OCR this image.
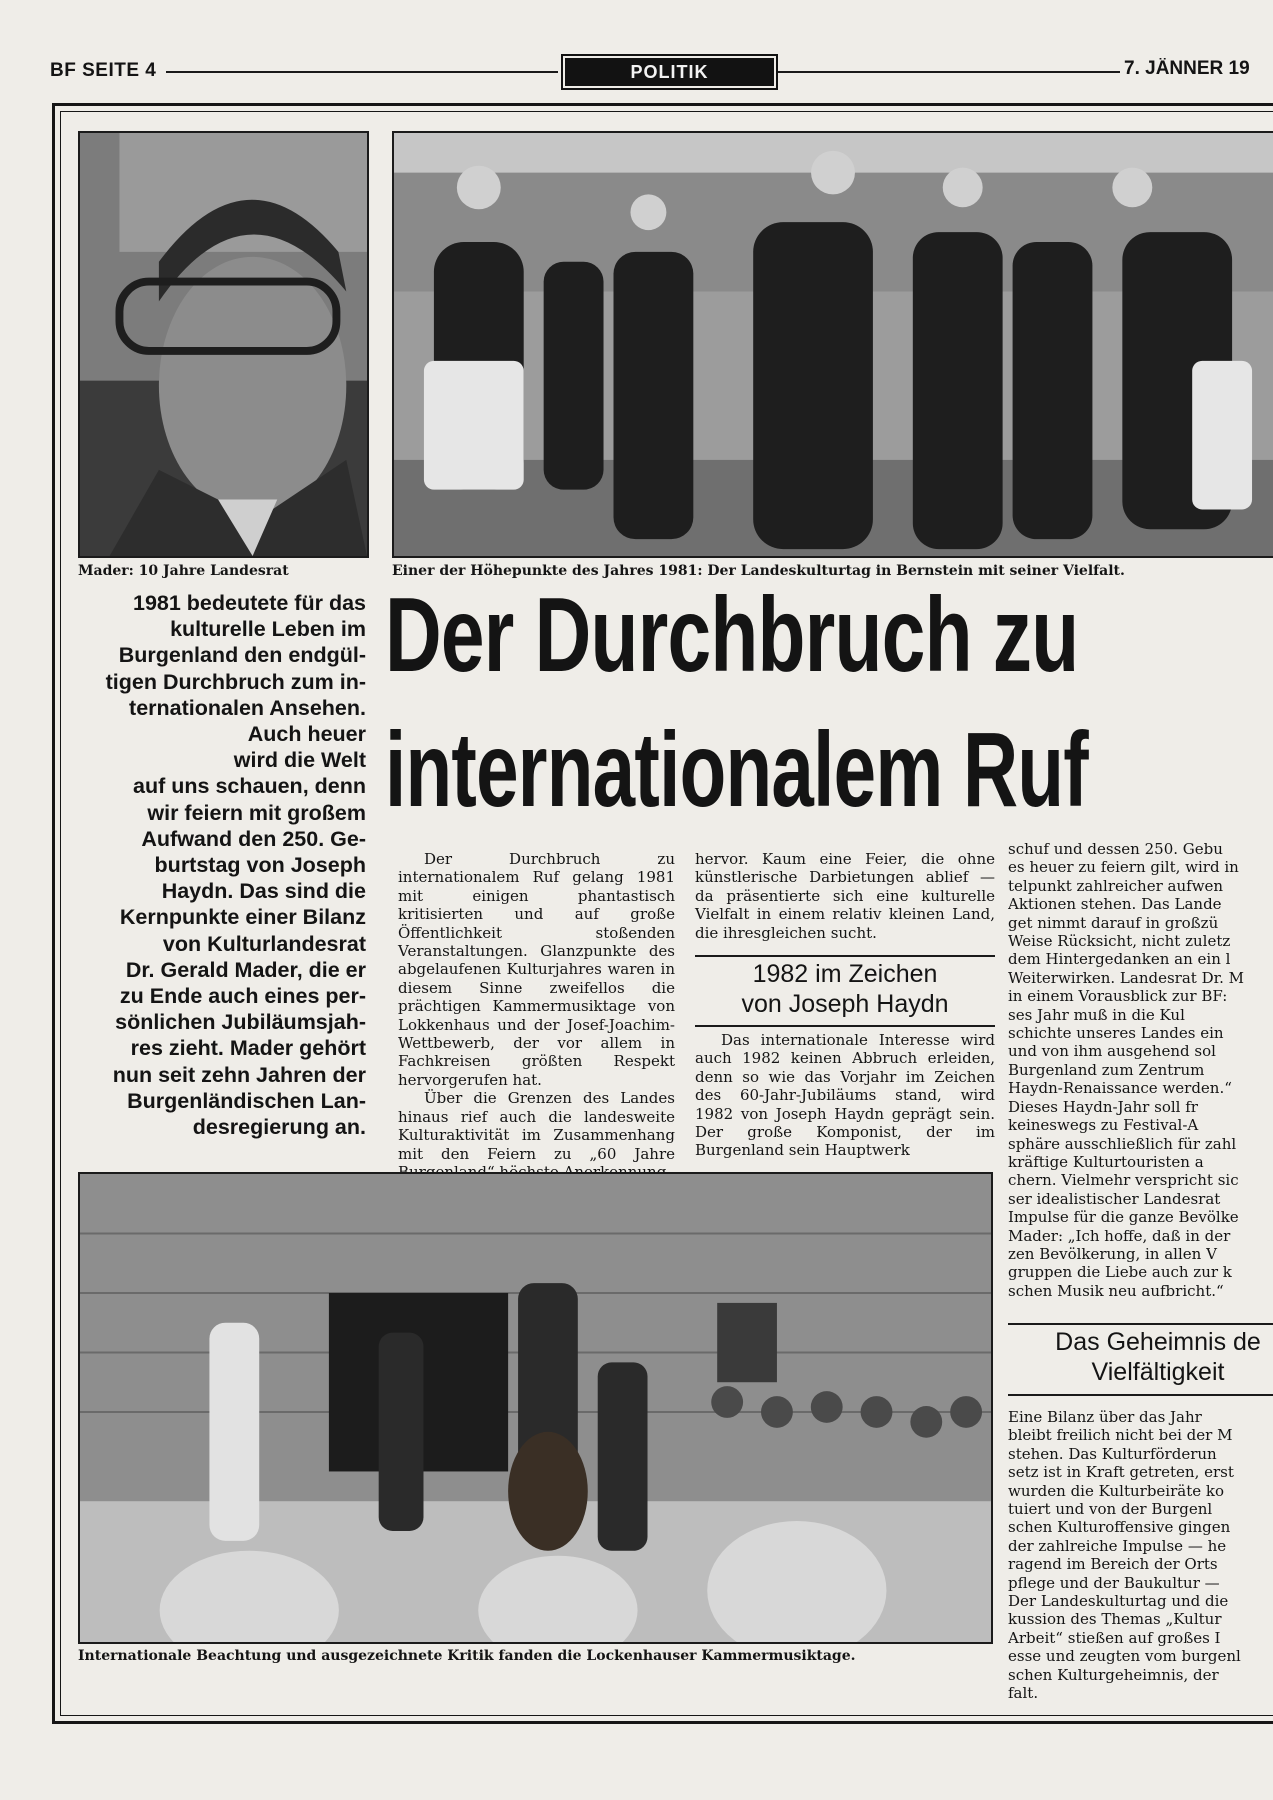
BF SEITE 4	POLITIK	7. JÄNNER 19
Mader: 10 Jahre Landesrat	Einer der Höhepunkte des Jahres 1981: Der Landeskulturtag in Bernstein mit seiner Vielfalt.
1981 bedeutete für das
kulturelle Leben im
Burgenland den endgül-
tigen Durchbruch zum in-
ternationalen Ansehen.
Auch heuer
wird die Welt
auf uns schauen, denn
wir feiern mit großem
Aufwand den 250. Ge-
burtstag von Joseph
Haydn. Das sind die
Kernpunkte einer Bilanz
von Kulturlandesrat
Dr. Gerald Mader, die er
zu Ende auch eines per-
sönlichen Jubiläumsjah-
res zieht. Mader gehört
nun seit zehn Jahren der
Burgenländischen Lan-
desregierung an.
Der Durchbruch zu
internationalem Ruf

Der Durchbruch zu internationalem Ruf gelang 1981 mit einigen phantastisch kritisierten und auf große Öffentlichkeit stoßenden Veranstaltungen. Glanzpunkte des abgelaufenen Kulturjahres waren in diesem Sinne zweifellos die prächtigen Kammermusiktage von Lokkenhaus und der Josef-Joachim-Wettbewerb, der vor allem in Fachkreisen größten Respekt hervorgerufen hat.

Über die Grenzen des Landes hinaus rief auch die landesweite Kulturaktivität im Zusammenhang mit den Feiern zu „60 Jahre

hervor. Kaum eine Feier, die ohne künstlerische Darbietungen ablief — da präsentierte sich eine kulturelle Vielfalt in einem relativ kleinen Land, die ihresgleichen sucht.

1982 im Zeichen
von Joseph Haydn

Das internationale Interesse wird auch 1982 keinen Abbruch erleiden, denn so wie das Vorjahr im Zeichen des 60-Jahr-Jubiläums stand, wird 1982 von Joseph Haydn geprägt sein. Der große Komponist, der im Burgenland sein Hauptwerk

schuf und dessen 250. Gebu
es heuer zu feiern gilt, wird in
telpunkt zahlreicher aufwen
Aktionen stehen. Das Lande
get nimmt darauf in großzü
Weise Rücksicht, nicht zuletz
dem Hintergedanken an ein l
Weiterwirken. Landesrat Dr. M
in einem Vorausblick zur BF:
ses Jahr muß in die Kul
schichte unseres Landes ein
und von ihm ausgehend sol
Burgenland zum Zentrum
Haydn-Renaissance werden.“
Dieses Haydn-Jahr soll fr
keineswegs zu Festival-A
sphäre ausschließlich für zahl
kräftige Kulturtouristen a
chern. Vielmehr verspricht sic
ser idealistischer Landesrat
Impulse für die ganze Bevölke
Mader: „Ich hoffe, daß in der
zen Bevölkerung, in allen V
gruppen die Liebe auch zur k
schen Musik neu aufbricht.“
Das Geheimnis de
Vielfältigkeit
Eine Bilanz über das Jahr
bleibt freilich nicht bei der M
stehen. Das Kulturförderun
setz ist in Kraft getreten, erst
wurden die Kulturbeiräte ko
tuiert und von der Burgenl
schen Kulturoffensive gingen
der zahlreiche Impulse — he
ragend im Bereich der Orts
pflege und der Baukultur —
Der Landeskulturtag und die
kussion des Themas „Kultur
Arbeit“ stießen auf großes I
esse und zeugten vom burgenl
schen Kulturgeheimnis, der
falt.
Internationale Beachtung und ausgezeichnete Kritik fanden die Lockenhauser Kammermusiktage.
